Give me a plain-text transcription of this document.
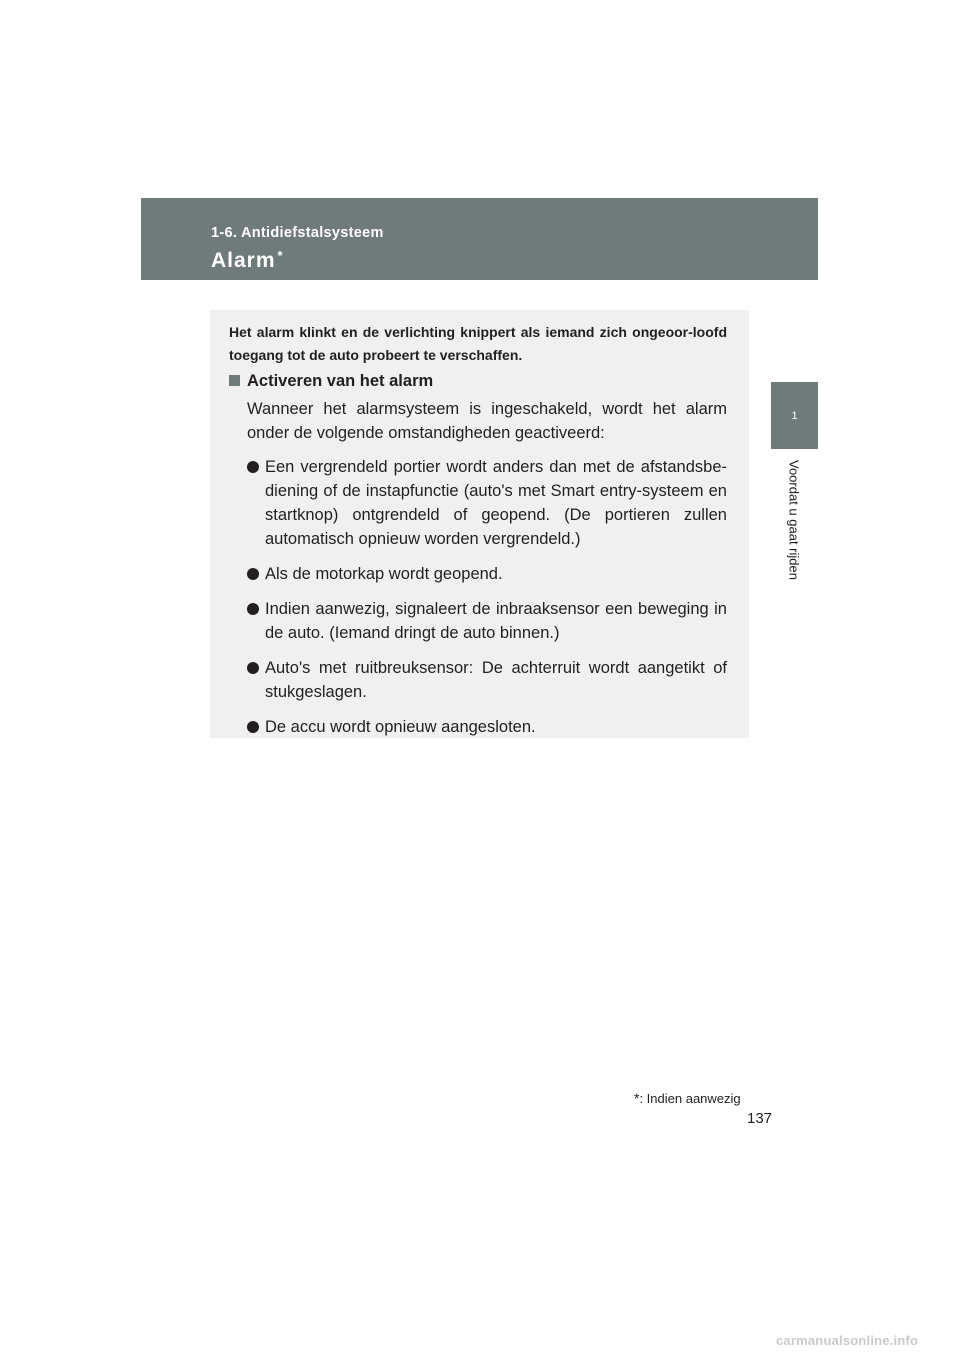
1-6. Antidiefstalsysteem
Alarm *
1
Voordat u gaat rijden
Het alarm klinkt en de verlichting knippert als iemand zich ongeoor-loofd toegang tot de auto probeert te verschaffen.
Activeren van het alarm
Wanneer het alarmsysteem is ingeschakeld, wordt het alarm onder de volgende omstandigheden geactiveerd:
Een vergrendeld portier wordt anders dan met de afstandsbe-diening of de instapfunctie (auto's met Smart entry-systeem en startknop) ontgrendeld of geopend. (De portieren zullen automatisch opnieuw worden vergrendeld.)
Als de motorkap wordt geopend.
Indien aanwezig, signaleert de inbraaksensor een beweging in de auto. (Iemand dringt de auto binnen.)
Auto's met ruitbreuksensor: De achterruit wordt aangetikt of stukgeslagen.
De accu wordt opnieuw aangesloten.
*: Indien aanwezig
137
carmanualsonline.info
